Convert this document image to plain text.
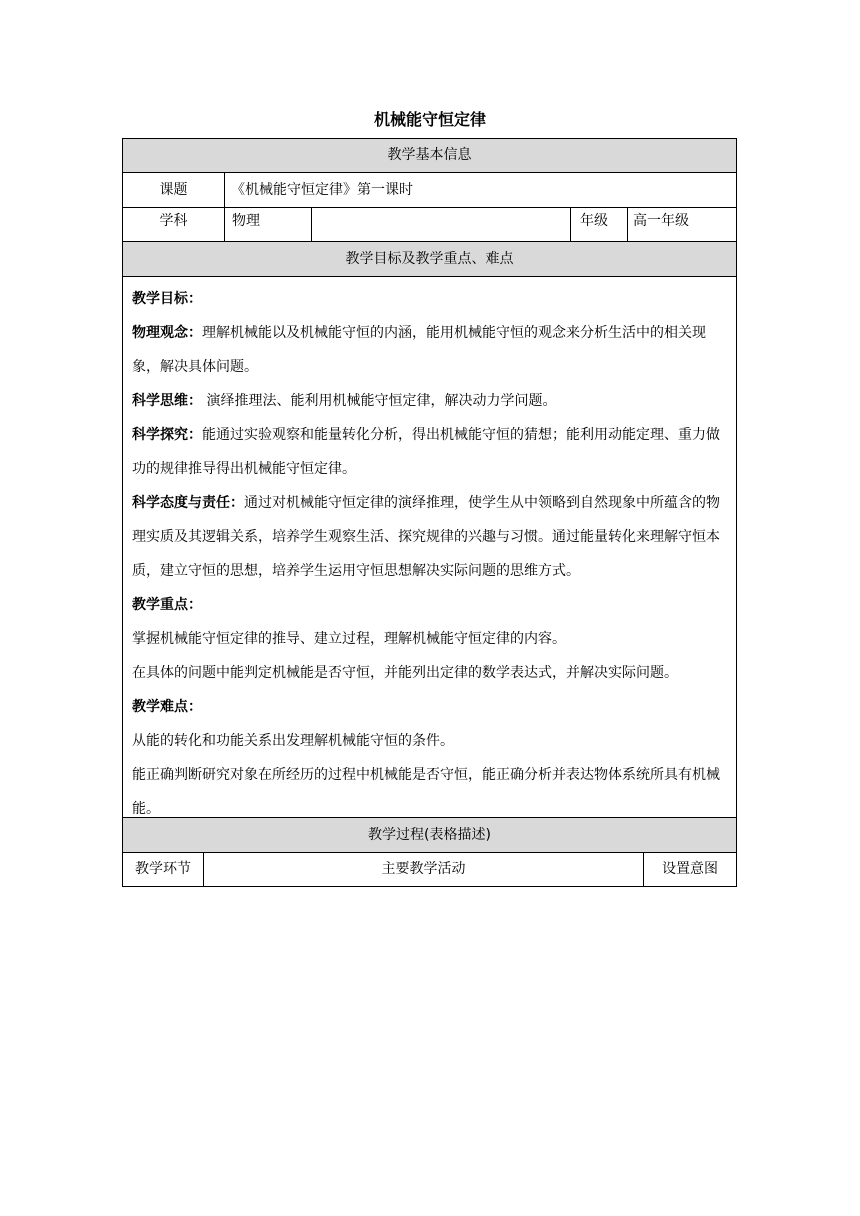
机械能守恒定律
教学基本信息
课题	《机械能守恒定律》第一课时
学科	物理	年级	高一年级
教学目标及教学重点、难点

教学目标：

物理观念：理解机械能以及机械能守恒的内涵，能用机械能守恒的观念来分析生活中的相关现象，解决具体问题。

科学思维： 演绎推理法、能利用机械能守恒定律，解决动力学问题。

科学探究：能通过实验观察和能量转化分析，得出机械能守恒的猜想；能利用动能定理、重力做功的规律推导得出机械能守恒定律。

科学态度与责任：通过对机械能守恒定律的演绎推理，使学生从中领略到自然现象中所蕴含的物理实质及其逻辑关系，培养学生观察生活、探究规律的兴趣与习惯。通过能量转化来理解守恒本质，建立守恒的思想，培养学生运用守恒思想解决实际问题的思维方式。

教学重点：

掌握机械能守恒定律的推导、建立过程，理解机械能守恒定律的内容。

在具体的问题中能判定机械能是否守恒，并能列出定律的数学表达式，并解决实际问题。

教学难点：

从能的转化和功能关系出发理解机械能守恒的条件。

能正确判断研究对象在所经历的过程中机械能是否守恒，能正确分析并表达物体系统所具有机械能。

教学过程(表格描述)
教学环节	主要教学活动	设置意图
